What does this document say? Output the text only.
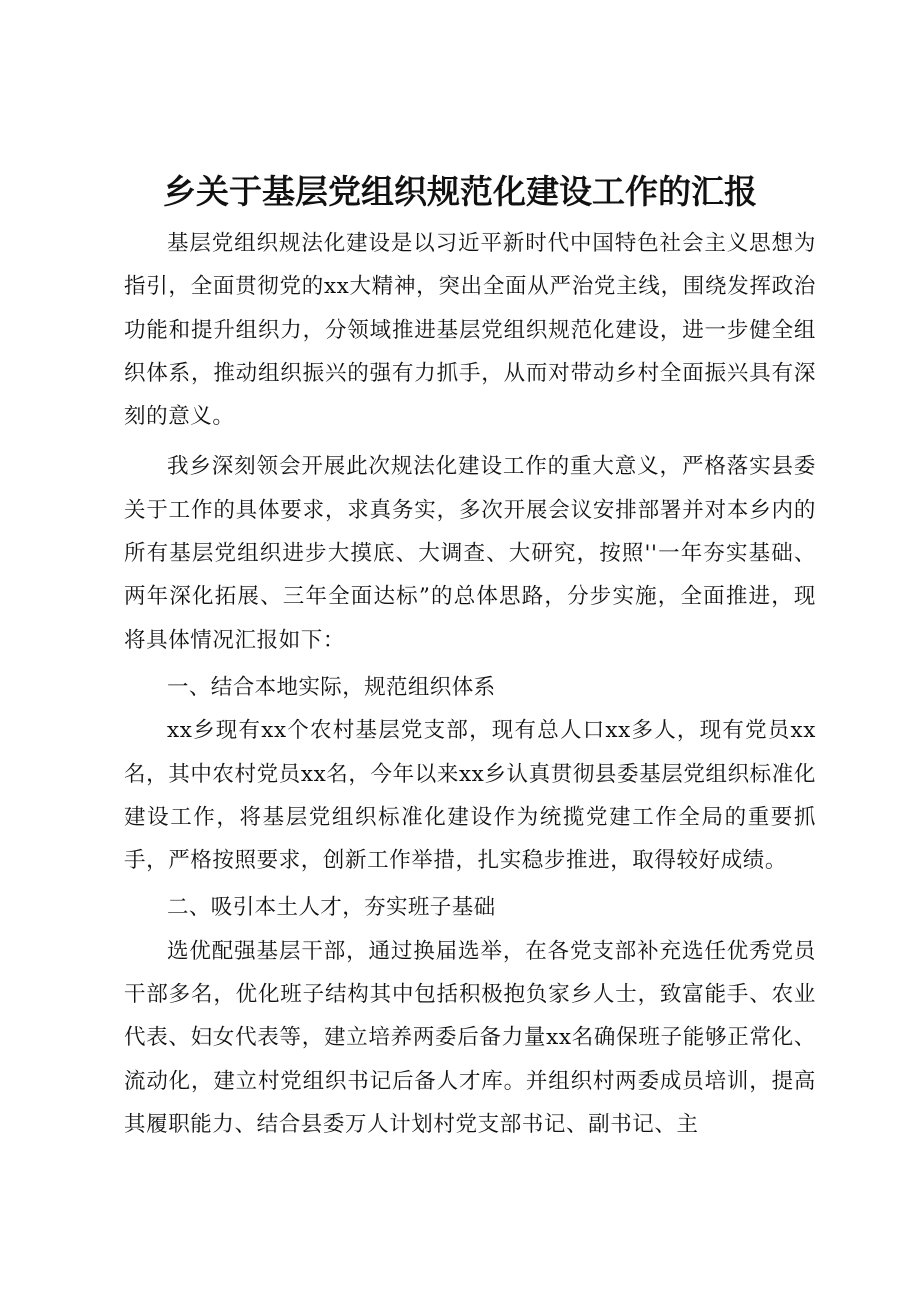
乡关于基层党组织规范化建设工作的汇报

基层党组织规法化建设是以习近平新时代中国特色社会主义思想为指引，全面贯彻党的xx大精神，突出全面从严治党主线，围绕发挥政治功能和提升组织力，分领域推进基层党组织规范化建设，进一步健全组织体系，推动组织振兴的强有力抓手，从而对带动乡村全面振兴具有深刻的意义。

我乡深刻领会开展此次规法化建设工作的重大意义，严格落实县委关于工作的具体要求，求真务实，多次开展会议安排部署并对本乡内的所有基层党组织进步大摸底、大调查、大研究，按照''一年夯实基础、两年深化拓展、三年全面达标”的总体思路，分步实施，全面推进，现将具体情况汇报如下：

一、结合本地实际，规范组织体系

xx乡现有xx个农村基层党支部，现有总人口xx多人，现有党员xx名，其中农村党员xx名，今年以来xx乡认真贯彻县委基层党组织标准化建设工作，将基层党组织标准化建设作为统揽党建工作全局的重要抓手，严格按照要求，创新工作举措，扎实稳步推进，取得较好成绩。

二、吸引本土人才，夯实班子基础

选优配强基层干部，通过换届选举，在各党支部补充选任优秀党员干部多名，优化班子结构其中包括积极抱负家乡人士，致富能手、农业代表、妇女代表等，建立培养两委后备力量xx名确保班子能够正常化、流动化，建立村党组织书记后备人才库。并组织村两委成员培训，提高其履职能力、结合县委万人计划村党支部书记、副书记、主
